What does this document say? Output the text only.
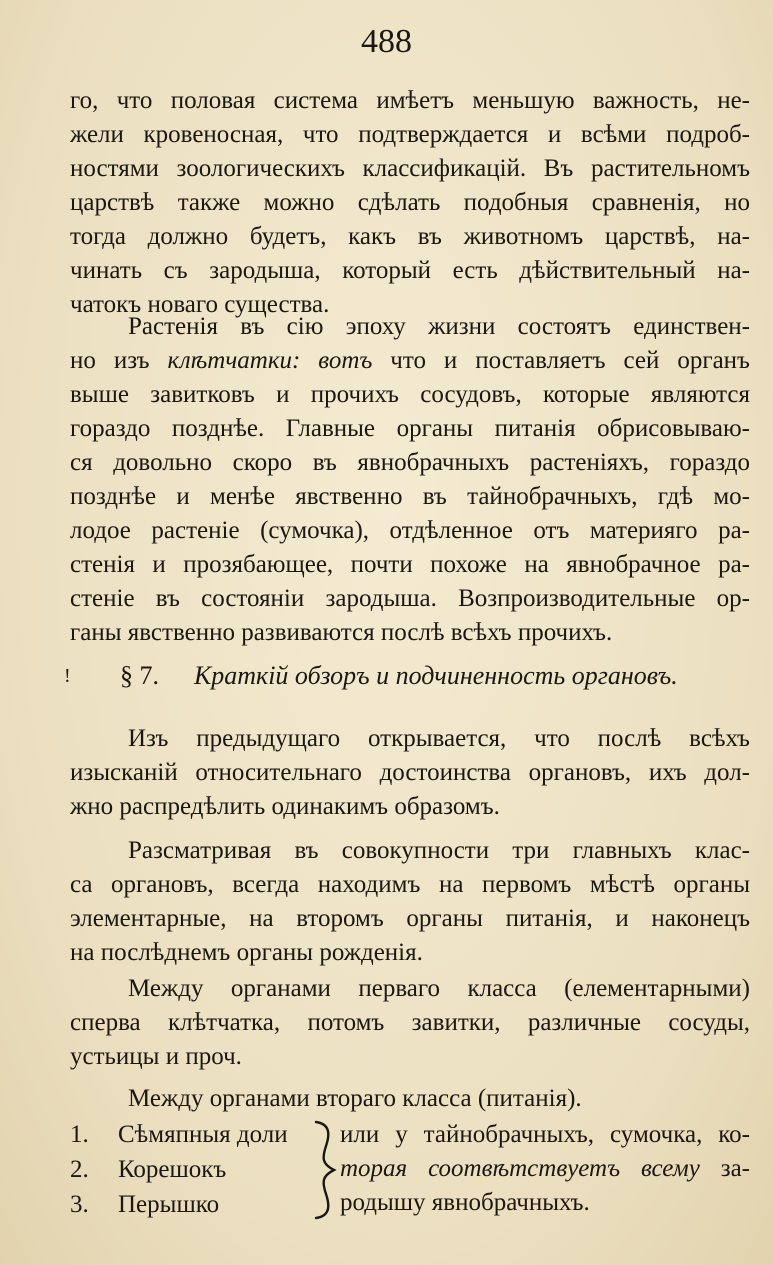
488
го, что половая система имѣетъ меньшую важность, не-
жели кровеносная, что подтверждается и всѣми подроб-
ностями зоологическихъ классификацій. Въ растительномъ
царствѣ также можно сдѣлать подобныя сравненія, но
тогда должно будетъ, какъ въ животномъ царствѣ, на-
чинать съ зародыша, который есть дѣйствительный на-
чатокъ новаго существа.
Растенія въ сію эпоху жизни состоятъ единствен-
но изъ клѣтчатки: вотъ что и поставляетъ сей органъ
выше завитковъ и прочихъ сосудовъ, которые являются
гораздо позднѣе. Главные органы питанія обрисовываю-
ся довольно скоро въ явнобрачныхъ растеніяхъ, гораздо
позднѣе и менѣе явственно въ тайнобрачныхъ, гдѣ мо-
лодое растеніе (сумочка), отдѣленное отъ материяго ра-
стенія и прозябающее, почти похоже на явнобрачное ра-
стеніе въ состояніи зародыша. Возпроизводительные ор-
ганы явственно развиваются послѣ всѣхъ прочихъ.
! § 7. Краткій обзоръ и подчиненность органовъ.
Изъ предыдущаго открывается, что послѣ всѣхъ
изысканій относительнаго достоинства органовъ, ихъ дол-
жно распредѣлить одинакимъ образомъ.
Разсматривая въ совокупности три главныхъ клас-
са органовъ, всегда находимъ на первомъ мѣстѣ органы
элементарные, на второмъ органы питанія, и наконецъ
на послѣднемъ органы рожденія.
Между органами перваго класса (елементарными)
сперва клѣтчатка, потомъ завитки, различные сосуды,
устьицы и проч.
Между органами втораго класса (питанія).
1. Сѣмяпныя доли
2. Корешокъ
3. Перышко
или у тайнобрачныхъ, сумочка, ко-
торая соотвѣтствуетъ всему за-
родышу явнобрачныхъ.
